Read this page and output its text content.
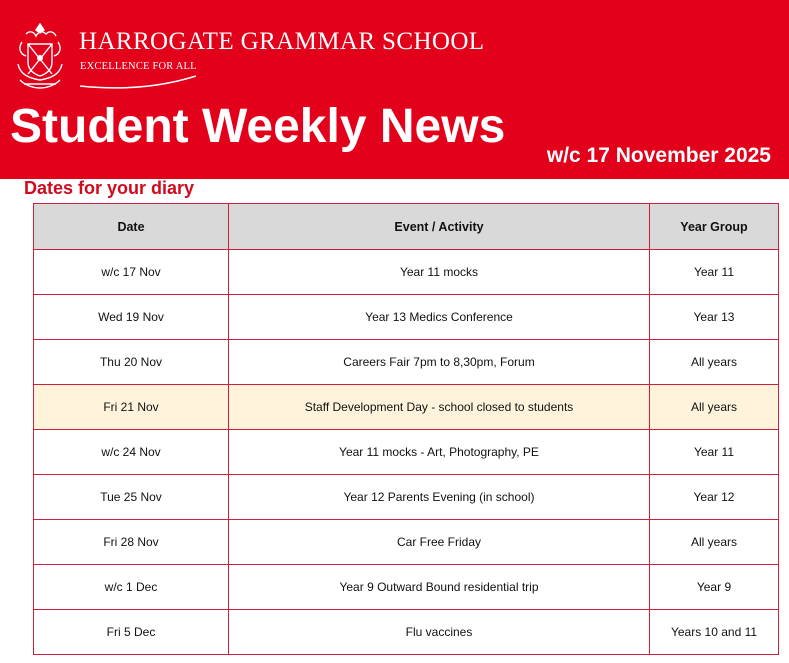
HARROGATE GRAMMAR SCHOOL
EXCELLENCE FOR ALL
Student Weekly News
w/c 17 November 2025
Dates for your diary
Date	Event / Activity	Year Group
w/c 17 Nov	Year 11 mocks	Year 11
Wed 19 Nov	Year 13 Medics Conference	Year 13
Thu 20 Nov	Careers Fair 7pm to 8,30pm, Forum	All years
Fri 21 Nov	Staff Development Day - school closed to students	All years
w/c 24 Nov	Year 11 mocks - Art, Photography, PE	Year 11
Tue 25 Nov	Year 12 Parents Evening (in school)	Year 12
Fri 28 Nov	Car Free Friday	All years
w/c 1 Dec	Year 9 Outward Bound residential trip	Year 9
Fri 5 Dec	Flu vaccines	Years 10 and 11
